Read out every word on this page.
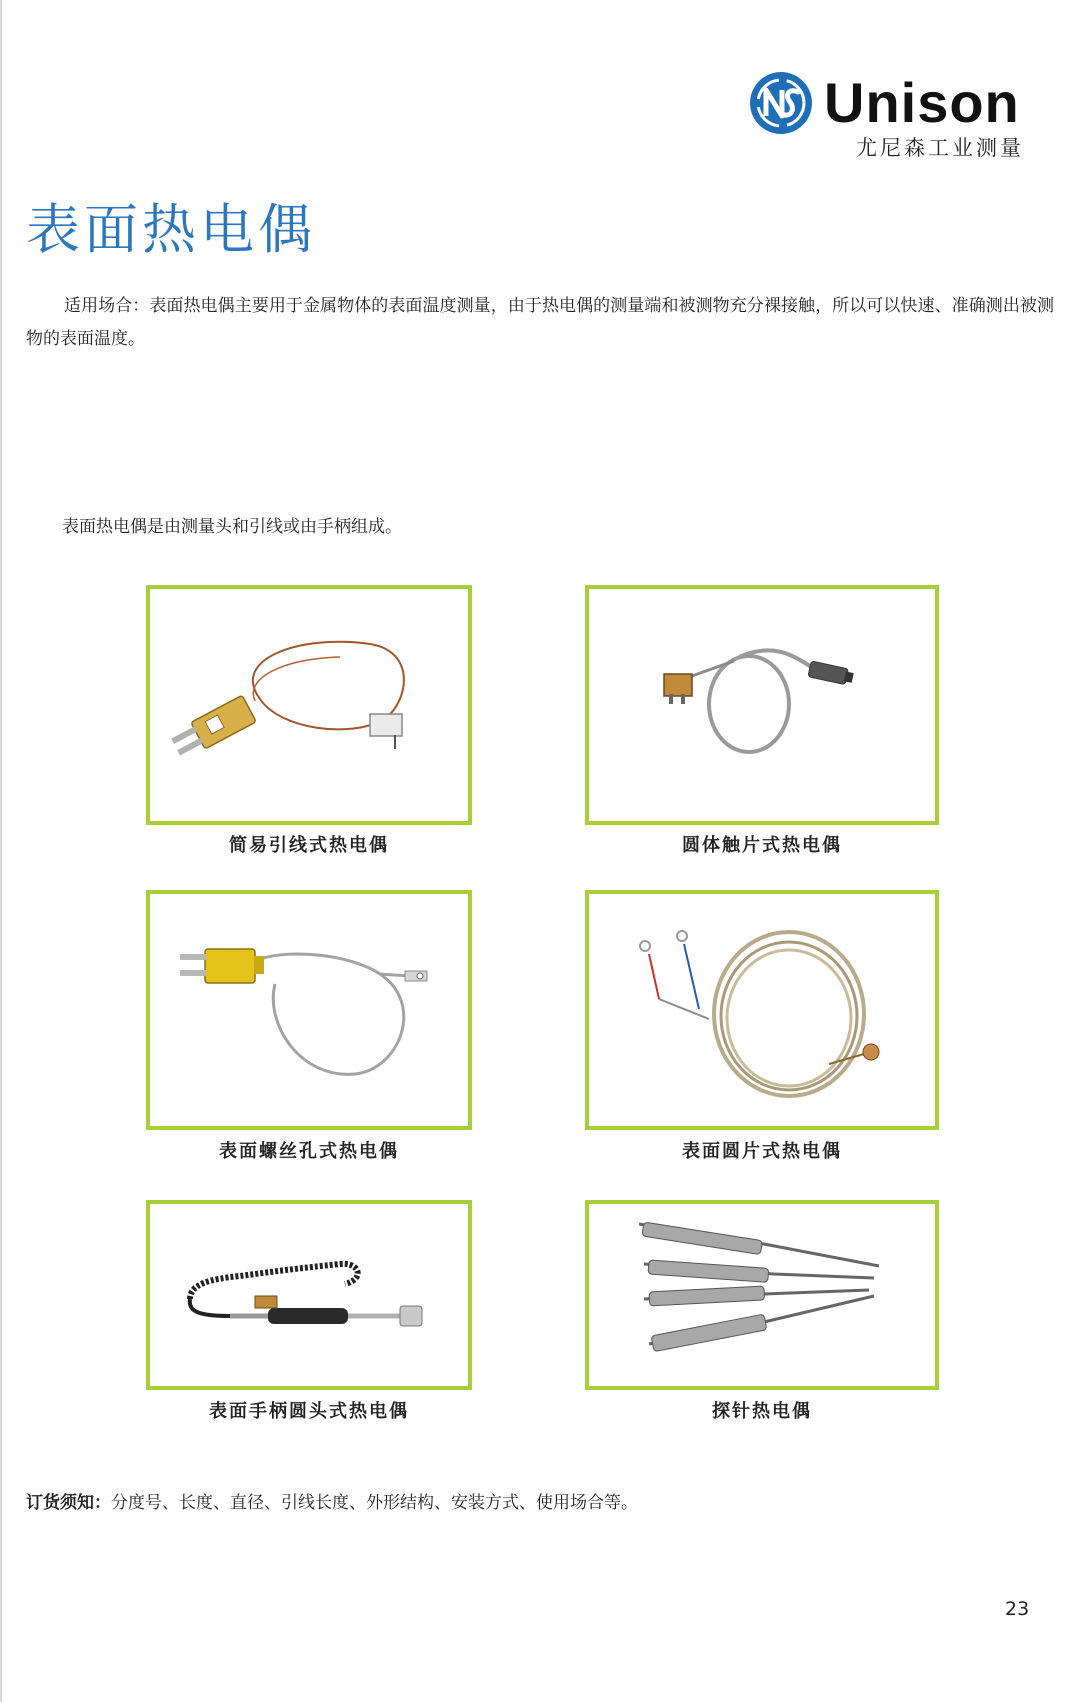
Unison
尤尼森工业测量
表面热电偶
适用场合：表面热电偶主要用于金属物体的表面温度测量，由于热电偶的测量端和被测物充分裸接触，所以可以快速、准确测出被测物的表面温度。
表面热电偶是由测量头和引线或由手柄组成。
简易引线式热电偶	圆体触片式热电偶
表面螺丝孔式热电偶	表面圆片式热电偶
表面手柄圆头式热电偶	探针热电偶
订货须知：分度号、长度、直径、引线长度、外形结构、安装方式、使用场合等。
23
